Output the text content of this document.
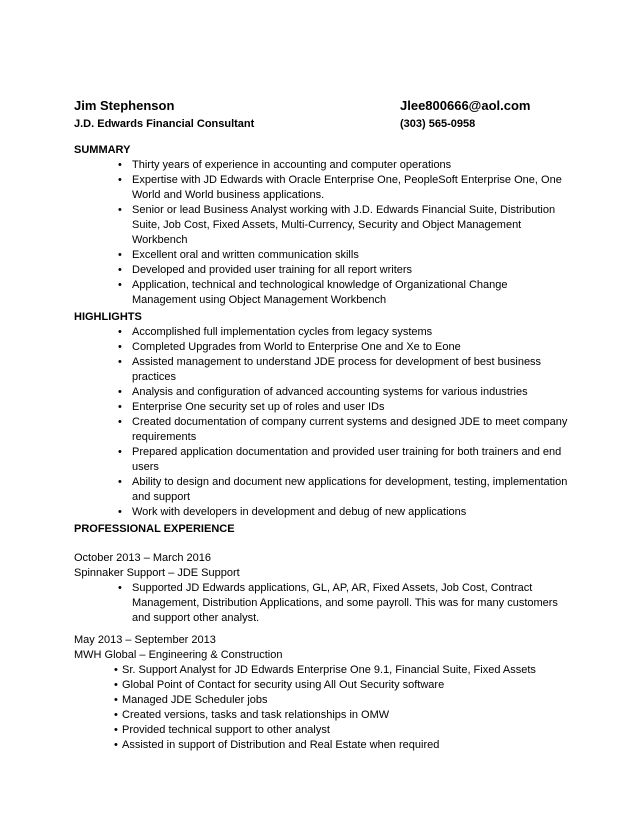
Jim Stephenson	Jlee800666@aol.com
J.D. Edwards Financial Consultant	(303) 565-0958
SUMMARY
• Thirty years of experience in accounting and computer operations
• Expertise with JD Edwards with Oracle Enterprise One, PeopleSoft Enterprise One, One World and World business applications.
• Senior or lead Business Analyst working with J.D. Edwards Financial Suite, Distribution Suite, Job Cost, Fixed Assets, Multi-Currency, Security and Object Management Workbench
• Excellent oral and written communication skills
• Developed and provided user training for all report writers
• Application, technical and technological knowledge of Organizational Change Management using Object Management Workbench
HIGHLIGHTS
• Accomplished full implementation cycles from legacy systems
• Completed Upgrades from World to Enterprise One and Xe to Eone
• Assisted management to understand JDE process for development of best business practices
• Analysis and configuration of advanced accounting systems for various industries
• Enterprise One security set up of roles and user IDs
• Created documentation of company current systems and designed JDE to meet company requirements
• Prepared application documentation and provided user training for both trainers and end users
• Ability to design and document new applications for development, testing, implementation and support
• Work with developers in development and debug of new applications
PROFESSIONAL EXPERIENCE
October 2013 – March 2016
Spinnaker Support – JDE Support
• Supported JD Edwards applications, GL, AP, AR, Fixed Assets, Job Cost, Contract Management, Distribution Applications, and some payroll. This was for many customers and support other analyst.
May 2013 – September 2013
MWH Global – Engineering & Construction
• Sr. Support Analyst for JD Edwards Enterprise One 9.1, Financial Suite, Fixed Assets
• Global Point of Contact for security using All Out Security software
• Managed JDE Scheduler jobs
• Created versions, tasks and task relationships in OMW
• Provided technical support to other analyst
• Assisted in support of Distribution and Real Estate when required
